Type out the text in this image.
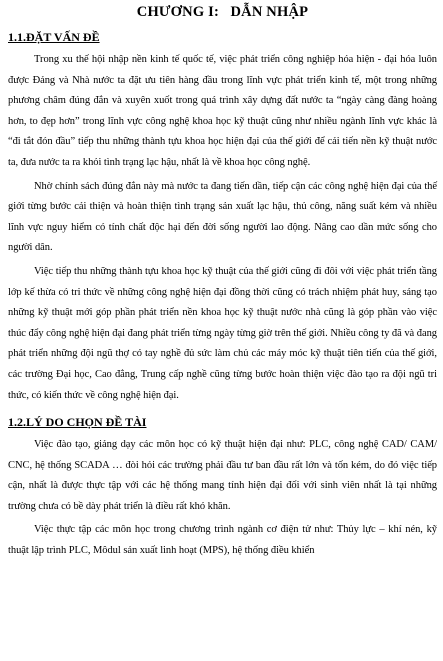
CHƯƠNG I:   DẪN NHẬP
1.1.ĐẶT VẤN ĐỀ

Trong xu thế hội nhập nền kinh tế quốc tế, việc phát triển công nghiệp hóa hiện - đại hóa luôn được Đảng và Nhà nước ta đặt ưu tiên hàng đầu trong lĩnh vực phát triển kinh tế, một trong những phương châm đúng đắn và xuyên xuốt trong quá trình xây dựng đất nước ta “ngày càng đàng hoàng hơn, to đẹp hơn” trong lĩnh vực công nghệ khoa học kỹ thuật cũng như nhiều ngành lĩnh vực khác là “đi tắt đón đầu” tiếp thu những thành tựu khoa học hiện đại của thế giới để cải tiến nền kỹ thuật nước ta, đưa nước ta ra khỏi tình trạng lạc hậu, nhất là về khoa học công nghệ.

Nhờ chính sách đúng đắn này mà nước ta đang tiến dần, tiếp cận các công nghệ hiện đại của thế giới từng bước cải thiện và hoàn thiện tình trạng sản xuất lạc hậu, thủ công, năng suất kém và nhiều lĩnh vực nguy hiểm có tính chất độc hại đến đời sống người lao động. Nâng cao dần mức sống cho người dân.

Việc tiếp thu những thành tựu khoa học kỹ thuật của thế giới cũng đi đôi với việc phát triển tầng lớp kế thừa có tri thức về những công nghệ hiện đại đồng thời cũng có trách nhiệm phát huy, sáng tạo những kỹ thuật mới góp phần phát triển nền khoa học kỹ thuật nước nhà cũng là góp phần vào việc thúc đẩy công nghệ hiện đại đang phát triển từng ngày từng giờ trên thế giới. Nhiều công ty đã và đang phát triển những đội ngũ thợ có tay nghề đủ sức làm chủ các máy móc kỹ thuật tiên tiến của thế giới, các trường Đại học, Cao đẳng, Trung cấp nghề cũng từng bước hoàn thiện việc đào tạo ra đội ngũ tri thức, có kiến thức về công nghệ hiện đại.

1.2.LÝ DO CHỌN ĐỀ TÀI

Việc đào tạo, giảng dạy các môn học có kỹ thuật hiện đại như: PLC, công nghệ CAD/ CAM/ CNC, hệ thống SCADA … đòi hỏi các trường phải đầu tư ban đầu rất lớn và tốn kém, do đó việc tiếp cận, nhất là được thực tập với các hệ thống mang tính hiện đại đối với sinh viên nhất là tại những trường chưa có bề dày phát triển là điều rất khó khăn.

Việc thực tập các môn học trong chương trình ngành cơ điện tử như: Thủy lực – khí nén, kỹ thuật lập trình PLC, Môdul sản xuất linh hoạt (MPS), hệ thống điều khiển
